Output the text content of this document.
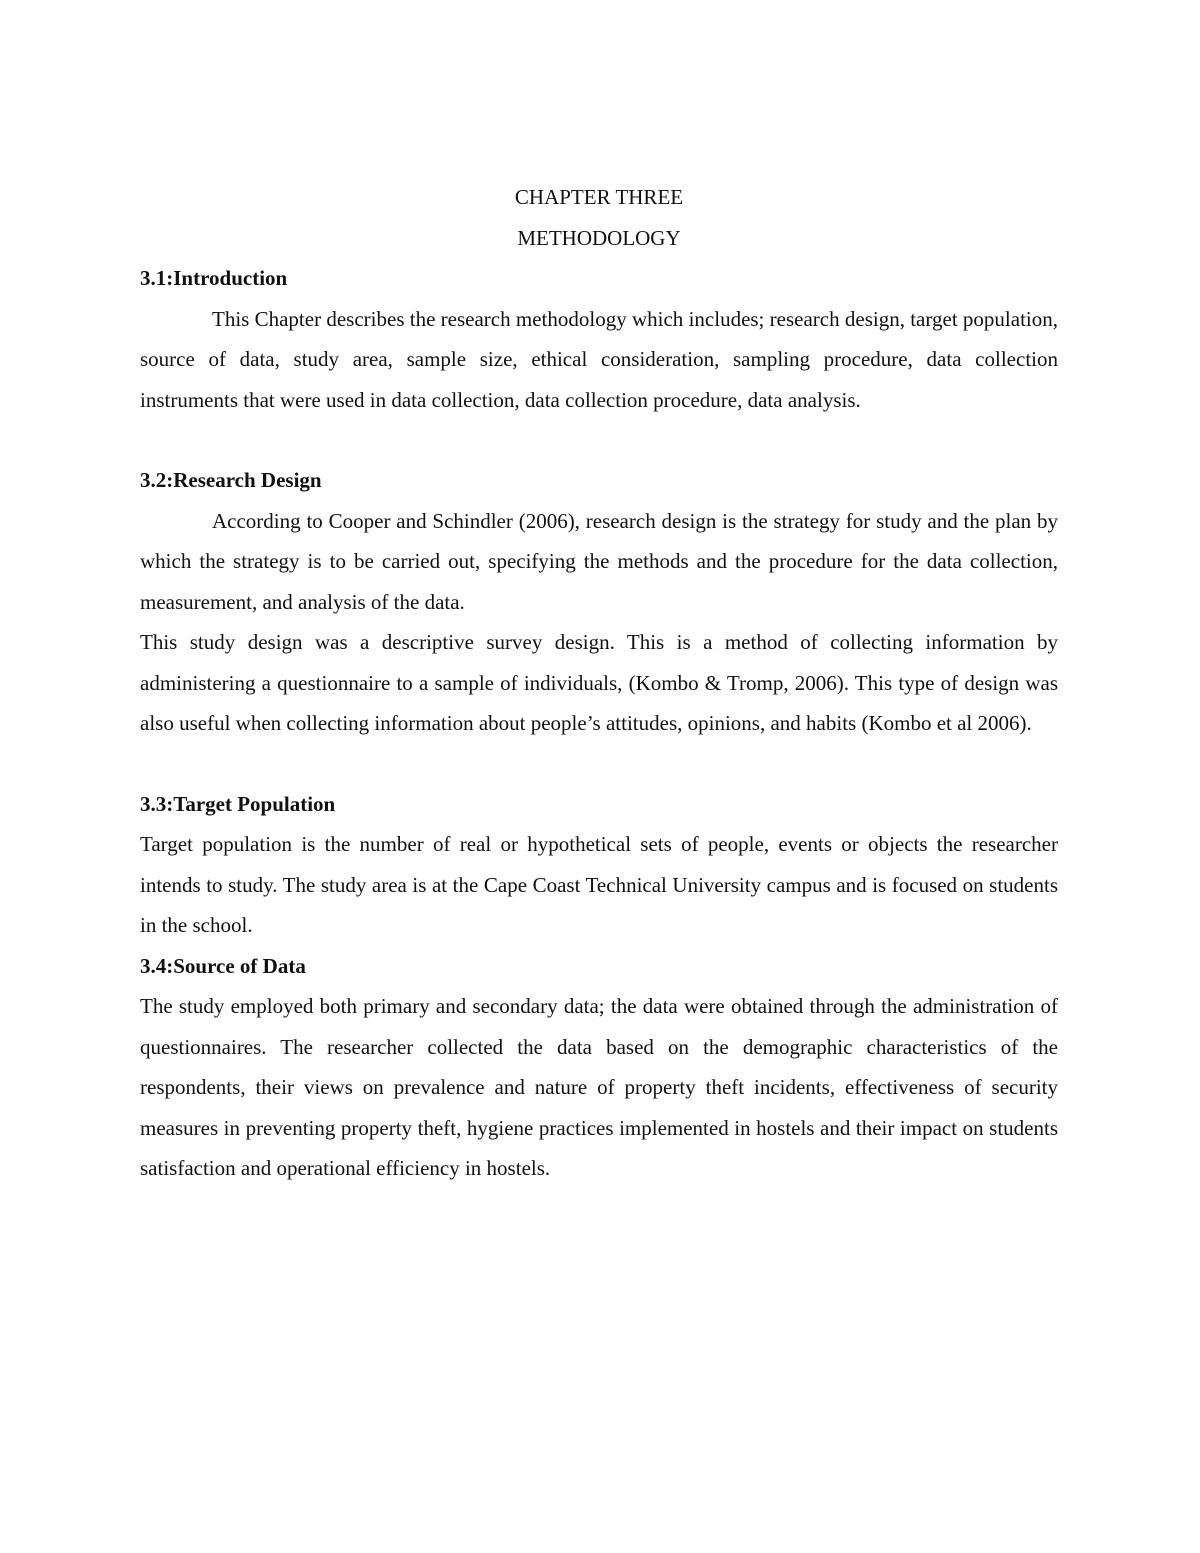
CHAPTER THREE

METHODOLOGY

3.1:Introduction

This Chapter describes the research methodology which includes; research design, target population, source of data, study area, sample size, ethical consideration, sampling procedure, data collection instruments that were used in data collection, data collection procedure, data analysis.

3.2:Research Design

According to Cooper and Schindler (2006), research design is the strategy for study and the plan by which the strategy is to be carried out, specifying the methods and the procedure for the data collection, measurement, and analysis of the data.

This study design was a descriptive survey design. This is a method of collecting information by administering a questionnaire to a sample of individuals, (Kombo & Tromp, 2006). This type of design was also useful when collecting information about people’s attitudes, opinions, and habits (Kombo et al 2006).

3.3:Target Population

Target population is the number of real or hypothetical sets of people, events or objects the researcher intends to study. The study area is at the Cape Coast Technical University campus and is focused on students in the school.

3.4:Source of Data

The study employed both primary and secondary data; the data were obtained through the administration of questionnaires. The researcher collected the data based on the demographic characteristics of the respondents, their views on prevalence and nature of property theft incidents, effectiveness of security measures in preventing property theft, hygiene practices implemented in hostels and their impact on students satisfaction and operational efficiency in hostels.
